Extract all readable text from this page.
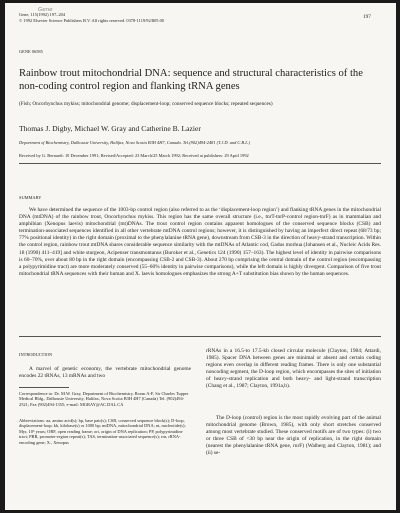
Gene
Gene, 115(1992) 197–204
© 1992 Elsevier Science Publishers B.V. All rights reserved. 0378-1119/92/$05.00
197
GENE 06585
Rainbow trout mitochondrial DNA: sequence and structural characteristics of the non-coding control region and flanking tRNA genes
(Fish; Oncorhynchus mykiss; mitochondrial genome; displacement-loop; conserved sequence blocks; repeated sequences)
Thomas J. Digby, Michael W. Gray and Catherine B. Lazier
Department of Biochemistry, Dalhousie University, Halifax, Nova Scotia B3H 4H7, Canada. Tel.(902)494-2481 (T.J.D. and C.B.L.)
Received by G. Bernardi: 10 December 1991; Revised/Accepted: 23 March/25 March 1992; Received at publishers: 29 April 1992
SUMMARY
We have determined the sequence of the 1003-bp control region (also referred to as the ‘displacement-loop region’) and flanking tRNA genes in the mitochondrial DNA (mtDNA) of the rainbow trout, Oncorhynchus mykiss. This region has the same overall structure (i.e., tnrT-tnrP-control region-tnrF) as in mammalian and amphibian (Xenopus laevis) mitochondrial (mt)DNAs. The trout control region contains apparent homologues of the conserved sequence blocks (CSB) and termination-associated sequences identified in all other vertebrate mtDNA control regions; however, it is distinguished by having an imperfect direct repeat (68/73 bp; 77% positional identity) in the right domain (proximal to the phenylalanine tRNA gene), downstream from CSB-3 in the direction of heavy-strand transcription. Within the control region, rainbow trout mtDNA shares considerable sequence similarity with the mtDNAs of Atlantic cod, Gadus morhua (Johansen et al., Nucleic Acids Res. 18 (1990) 411–419] and white sturgeon, Acipenser transmontanus (Buroker et al., Genetics 124 (1990) 157–163). The highest level of identity in pairwise comparisons is 60–70%, over about 80 bp in the right domain (encompassing CSB-2 and CSB-3). About 270 bp comprising the central domain of the control region (encompassing a polypyrimidine tract) are more moderately conserved (55–60% identity in pairwise comparisons), while the left domain is highly divergent. Comparison of five trout mitochondrial tRNA sequences with their human and X. laevis homologues emphasizes the strong A+T substitution bias shown by the human sequences.
INTRODUCTION
A marvel of genetic economy, the vertebrate mitochondrial genome encodes 22 tRNAs, 13 mRNAs and two
Correspondence to: Dr. M.W. Gray, Department of Biochemistry, Room A-F, Sir Charles Tupper Medical Bldg., Dalhousie University, Halifax, Nova Scotia B3H 4H7 (Canada) Tel. (902)494-2521; Fax (902)494-1355; e-mail: MGRAY@AC.DAL.CA
Abbreviations: aa, amino acid(s); bp, base pair(s); CSB, conserved sequence block(s); D-loop, displacement-loop; kb, kilobase(s) or 1000 bp; mtDNA, mitochondrial DNA; nt, nucleotide(s); Myr, 10⁶ years; ORF, open reading frame; ori, origin of DNA replication; PP, polypyrimidine tract; PRR, promoter-region repeat(s); TAS, termination-associated sequence(s); rrn, rRNA-encoding gene; X., Xenopus
rRNAs in a 16.5-to 17.5-kb closed circular molecule (Clayton, 1984; Attardi, 1985). Spacer DNA between genes are minimal or absent and certain coding regions even overlap in different reading frames. There is only one substantial noncoding segment, the D-loop region, which encompasses the sites of initiation of heavy-strand replication and both heavy- and light-strand transcription (Chang et al., 1987; Clayton, 1991a,b).
The D-loop (control) region is the most rapidly evolving part of the animal mitochondrial genome (Brown, 1985), with only short stretches conserved among most vertebrate studied. These conserved motifs are of two types: (i) two or three CSB of <30 bp near the origin of replication, in the right domain (nearest the phenylalanine tRNA gene, rnrF) (Walberg and Clayton, 1981); and (ii) se-
